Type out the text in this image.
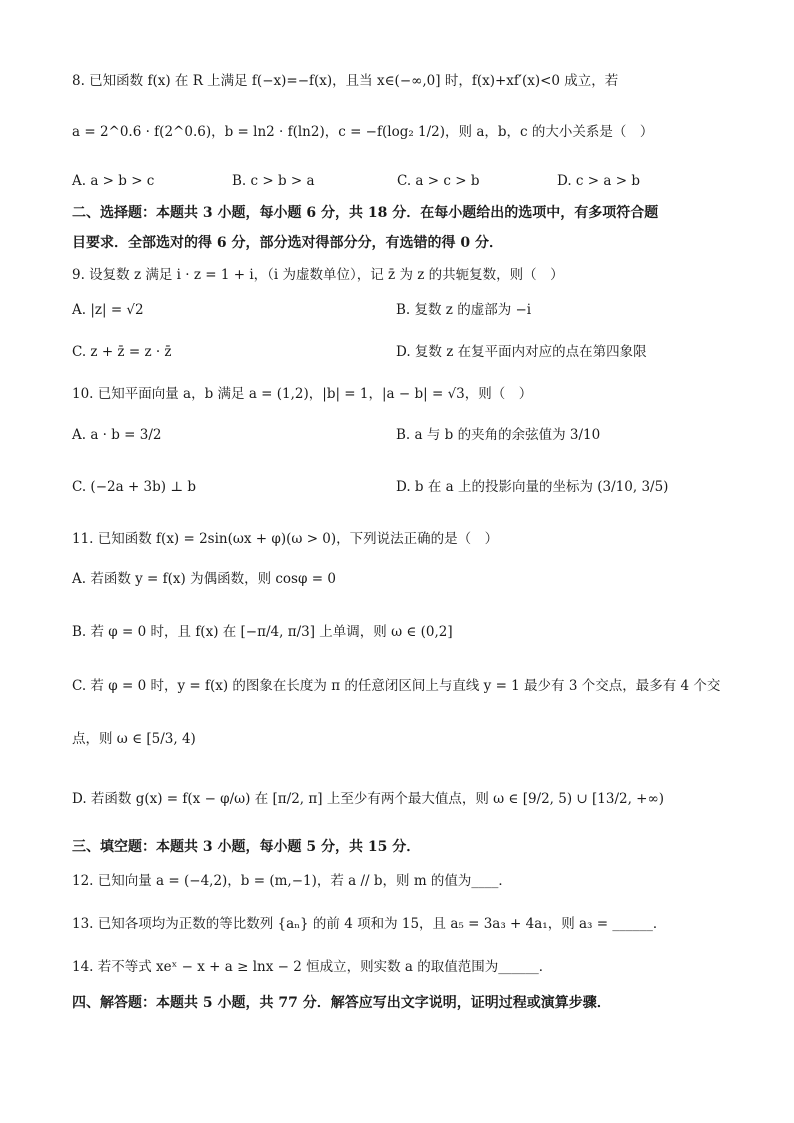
8. 已知函数 f(x) 在 R 上满足 f(−x)=−f(x)，且当 x∈(−∞,0] 时，f(x)+xf′(x)<0 成立，若
a = 2^0.6 · f(2^0.6)，b = ln2 · f(ln2)，c = −f(log₂ 1/2)，则 a，b，c 的大小关系是（　）
A. a > b > c	B. c > b > a	C. a > c > b	D. c > a > b
二、选择题：本题共 3 小题，每小题 6 分，共 18 分．在每小题给出的选项中，有多项符合题
目要求．全部选对的得 6 分，部分选对得部分分，有选错的得 0 分．
9. 设复数 z 满足 i · z = 1 + i，（i 为虚数单位），记 z̄ 为 z 的共轭复数，则（　）
A. |z| = √2	B. 复数 z 的虚部为 −i
C. z + z̄ = z · z̄	D. 复数 z 在复平面内对应的点在第四象限
10. 已知平面向量 a，b 满足 a = (1,2)，|b| = 1，|a − b| = √3，则（　）
A. a · b = 3/2	B. a 与 b 的夹角的余弦值为 3/10
C. (−2a + 3b) ⊥ b	D. b 在 a 上的投影向量的坐标为 (3/10, 3/5)
11. 已知函数 f(x) = 2sin(ωx + φ)(ω > 0)，下列说法正确的是（　）
A. 若函数 y = f(x) 为偶函数，则 cosφ = 0
B. 若 φ = 0 时，且 f(x) 在 [−π/4, π/3] 上单调，则 ω ∈ (0,2]
C. 若 φ = 0 时，y = f(x) 的图象在长度为 π 的任意闭区间上与直线 y = 1 最少有 3 个交点，最多有 4 个交
点，则 ω ∈ [5/3, 4)
D. 若函数 g(x) = f(x − φ/ω) 在 [π/2, π] 上至少有两个最大值点，则 ω ∈ [9/2, 5) ∪ [13/2, +∞)
三、填空题：本题共 3 小题，每小题 5 分，共 15 分．
12. 已知向量 a = (−4,2)，b = (m,−1)，若 a // b，则 m 的值为____．
13. 已知各项均为正数的等比数列 {aₙ} 的前 4 项和为 15，且 a₅ = 3a₃ + 4a₁，则 a₃ = ______．
14. 若不等式 xeˣ − x + a ≥ lnx − 2 恒成立，则实数 a 的取值范围为______．
四、解答题：本题共 5 小题，共 77 分．解答应写出文字说明，证明过程或演算步骤．
